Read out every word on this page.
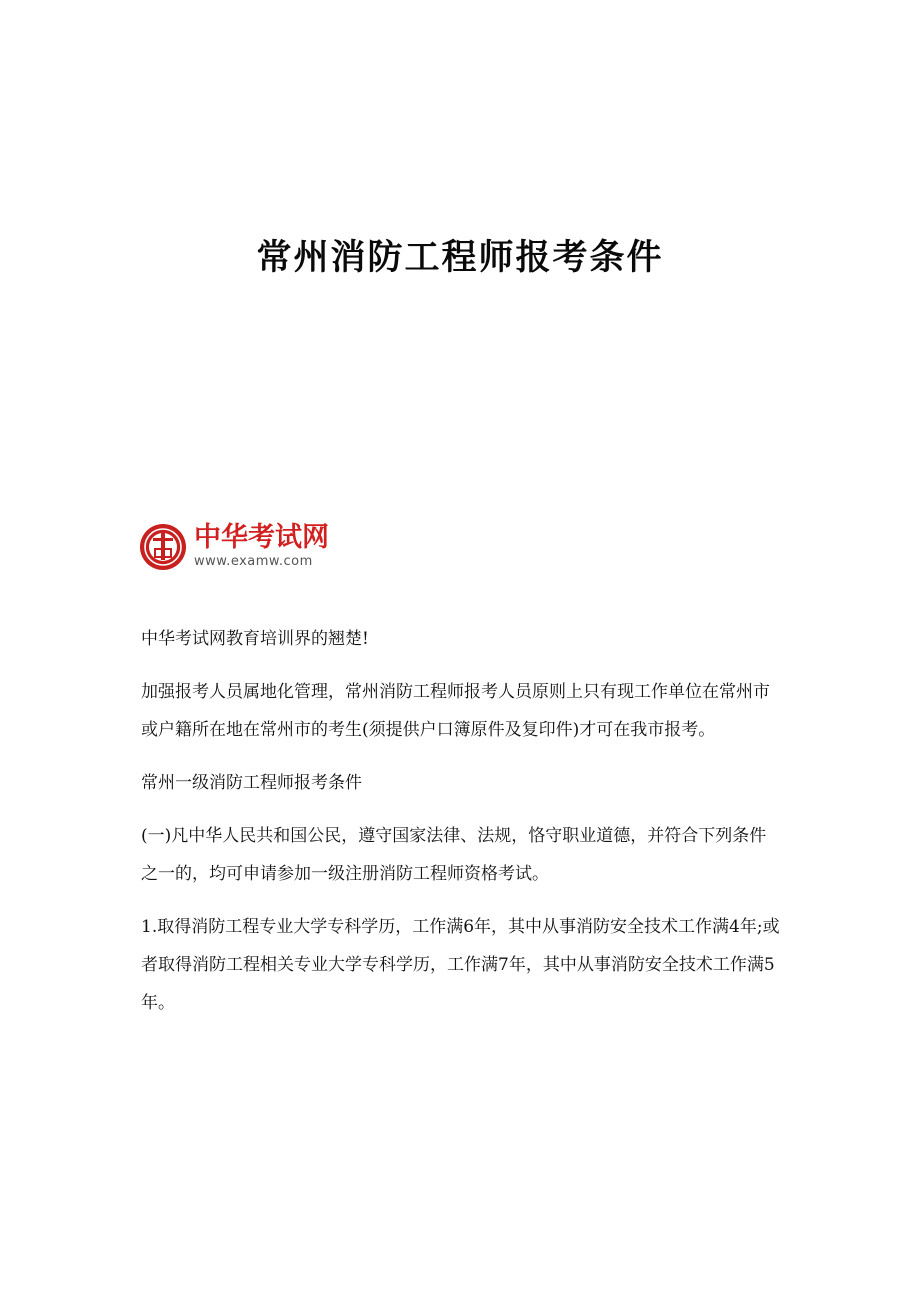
常州消防工程师报考条件
中华考试网
www.examw.com

中华考试网教育培训界的翘楚!

加强报考人员属地化管理，常州消防工程师报考人员原则上只有现工作单位在常州市或户籍所在地在常州市的考生(须提供户口簿原件及复印件)才可在我市报考。

常州一级消防工程师报考条件

(一)凡中华人民共和国公民，遵守国家法律、法规，恪守职业道德，并符合下列条件之一的，均可申请参加一级注册消防工程师资格考试。

1.取得消防工程专业大学专科学历，工作满6年，其中从事消防安全技术工作满4年;或者取得消防工程相关专业大学专科学历，工作满7年，其中从事消防安全技术工作满5年。
